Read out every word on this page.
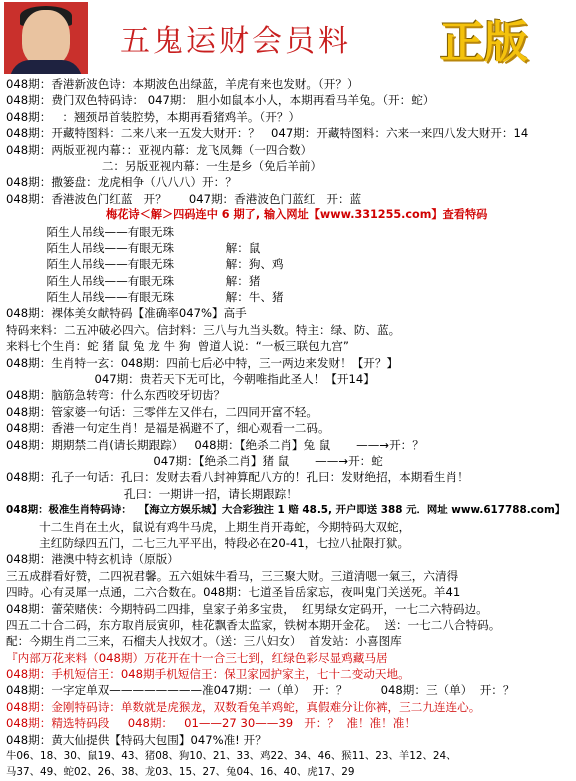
五鬼运财会员料 正版
048期：香港新波色诗：本期波色出绿蓝，羊虎有来也发财。（开？）
048期：费门双色特码诗： 047期： 胆小如鼠本小人，本期再看马羊兔。（开：蛇）
048期：   ：翘颈昂首装腔势，本期再看猪鸡羊。（开？）
048期：开藏特图料：二来八来一五发大财开：？   047期：开藏特图料：六来一来四八发大财开：14
048期：两版亚视内幕：：亚视内幕：龙飞凤舞（一四合数）
二：另版亚视内幕：一生是乡（免后羊前）
048期：撒篓盘：龙虎相争（八八八）开：？
048期：香港波色门红蓝   开？      047期：香港波色门蓝红   开：蓝

梅花诗＜解＞四码连中 6 期了, 输入网址【www.331255.com】查看特码

陌生人吊线——有眼无珠
陌生人吊线——有眼无珠              解：鼠
陌生人吊线——有眼无珠              解：狗、鸡
陌生人吊线——有眼无珠              解：猪
陌生人吊线——有眼无珠              解：牛、猪
048期：裸体美女献特码【准确率047%】高手
特码来料：二五冲破必四六。信封料：三八与九当头数。特主：绿、防、蓝。
来料七个生肖：蛇 猪 鼠 兔 龙 牛 狗  曾道人说：“一板三联包九宫”
048期：生肖特一玄：048期：四前七后必中特，三一两边来发财！【开？】
047期：贵若天下无可比，今朝唯指此圣人！【开14】
048期：脑筋急转弯：什么东西咬牙切齿？
048期：管家婆一句话：三零伴左又伴右，二四同开富不轻。
048期：香港一句定生肖！是福是祸避不了，细心观看一二码。
048期：期期禁二肖(请长期跟踪）   048期：【绝杀二肖】兔 鼠       ——→开：？
047期：【绝杀二肖】猪 鼠       ——→开：蛇
048期：孔子一句话：孔曰：发财去看八封神算配八方的！孔曰：发财绝招，本期看生肖！
孔曰：一期讲一招，请长期跟踪！
048期：极准生肖特码诗：  【海立方娱乐城】大合彩独注 1 赔 48.5, 开户即送 388 元．网址 www.617788.com】
十二生肖在土火，鼠说有鸡牛马虎，上期生肖开毒蛇，今期特码大双蛇，
主红防绿四五门，二七三九平平出，特段必在20-41，七拉八扯限打狱。
048期：港澳中特玄机诗（原版）
三五成群看好赞，二四祝君馨。五六姐妹牛看马，三三聚大财。三道清嗯一氣三，六清得
四時。心有灵犀一点通，二六合数在。048期：七道圣旨岳家忘，夜叫鬼门关送死。羊41
048期：蕾荣赌侠：今期特码二四排，皇家子弟多宝贵，  红男绿女定码开，一七二六特码边。
四五二十合二码，东方取肖辰寅卯，桂花飘香太监家，铁树本期开金花。  送：一七二八合特码。
配：今期生肖二三来，石榴夫人找奴才。（送：三八妇女）  首发站：小喜图库
『内部万花来料（048期）万花开在十一合三七到，红绿色彩尽显鸡藏马居
048期：手机短信王：048期手机短信王：保卫家园护家主，七十二变动天地。
048期：一字定单双————————准047期：一（单）  开：？         048期：三（单）  开：？
048期：金刚特码诗：单数就是虎猴龙，双数看兔羊鸡蛇，真假难分让你裤，三二九连连心。
048期：精选特码段     048期：   01——27 30——39   开：？  准！准！准！
048期：黄大仙提供【特码大包围】047%准! 开？
牛06、18、30、鼠19、43、猪08、狗10、21、33、鸡22、34、46、猴11、23、羊12、24、
马37、49、蛇02、26、38、龙03、15、27、兔04、16、40、虎17、29
